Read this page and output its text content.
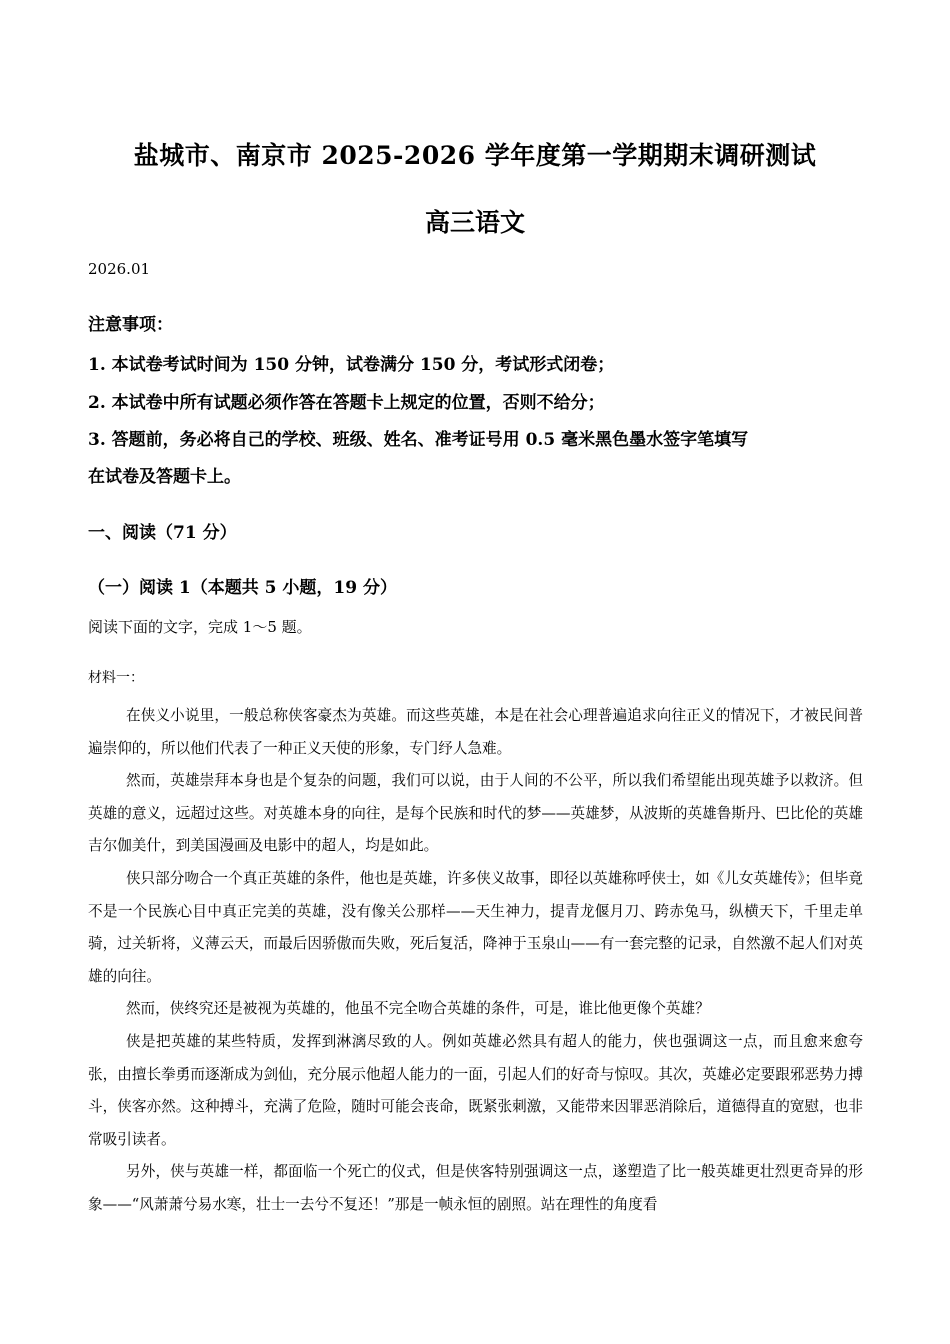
盐城市、南京市 2025-2026 学年度第一学期期末调研测试
高三语文
2026.01
注意事项：
1. 本试卷考试时间为 150 分钟，试卷满分 150 分，考试形式闭卷；
2. 本试卷中所有试题必须作答在答题卡上规定的位置，否则不给分；
3. 答题前，务必将自己的学校、班级、姓名、准考证号用 0.5 毫米黑色墨水签字笔填写
在试卷及答题卡上。
一、阅读（71 分）
（一）阅读 1（本题共 5 小题，19 分）
阅读下面的文字，完成 1～5 题。
材料一：

在侠义小说里，一般总称侠客豪杰为英雄。而这些英雄，本是在社会心理普遍追求向往正义的情况下，才被民间普遍崇仰的，所以他们代表了一种正义天使的形象，专门纾人急难。

然而，英雄崇拜本身也是个复杂的问题，我们可以说，由于人间的不公平，所以我们希望能出现英雄予以救济。但英雄的意义，远超过这些。对英雄本身的向往，是每个民族和时代的梦——英雄梦，从波斯的英雄鲁斯丹、巴比伦的英雄吉尔伽美什，到美国漫画及电影中的超人，均是如此。

侠只部分吻合一个真正英雄的条件，他也是英雄，许多侠义故事，即径以英雄称呼侠士，如《儿女英雄传》；但毕竟不是一个民族心目中真正完美的英雄，没有像关公那样——天生神力，提青龙偃月刀、跨赤兔马，纵横天下，千里走单骑，过关斩将，义薄云天，而最后因骄傲而失败，死后复活，降神于玉泉山——有一套完整的记录，自然激不起人们对英雄的向往。

然而，侠终究还是被视为英雄的，他虽不完全吻合英雄的条件，可是，谁比他更像个英雄？

侠是把英雄的某些特质，发挥到淋漓尽致的人。例如英雄必然具有超人的能力，侠也强调这一点，而且愈来愈夸张，由擅长拳勇而逐渐成为剑仙，充分展示他超人能力的一面，引起人们的好奇与惊叹。其次，英雄必定要跟邪恶势力搏斗，侠客亦然。这种搏斗，充满了危险，随时可能会丧命，既紧张刺激，又能带来因罪恶消除后，道德得直的宽慰，也非常吸引读者。

另外，侠与英雄一样，都面临一个死亡的仪式，但是侠客特别强调这一点，遂塑造了比一般英雄更壮烈更奇异的形象——“风萧萧兮易水寒，壮士一去兮不复还！”那是一帧永恒的剧照。站在理性的角度看
